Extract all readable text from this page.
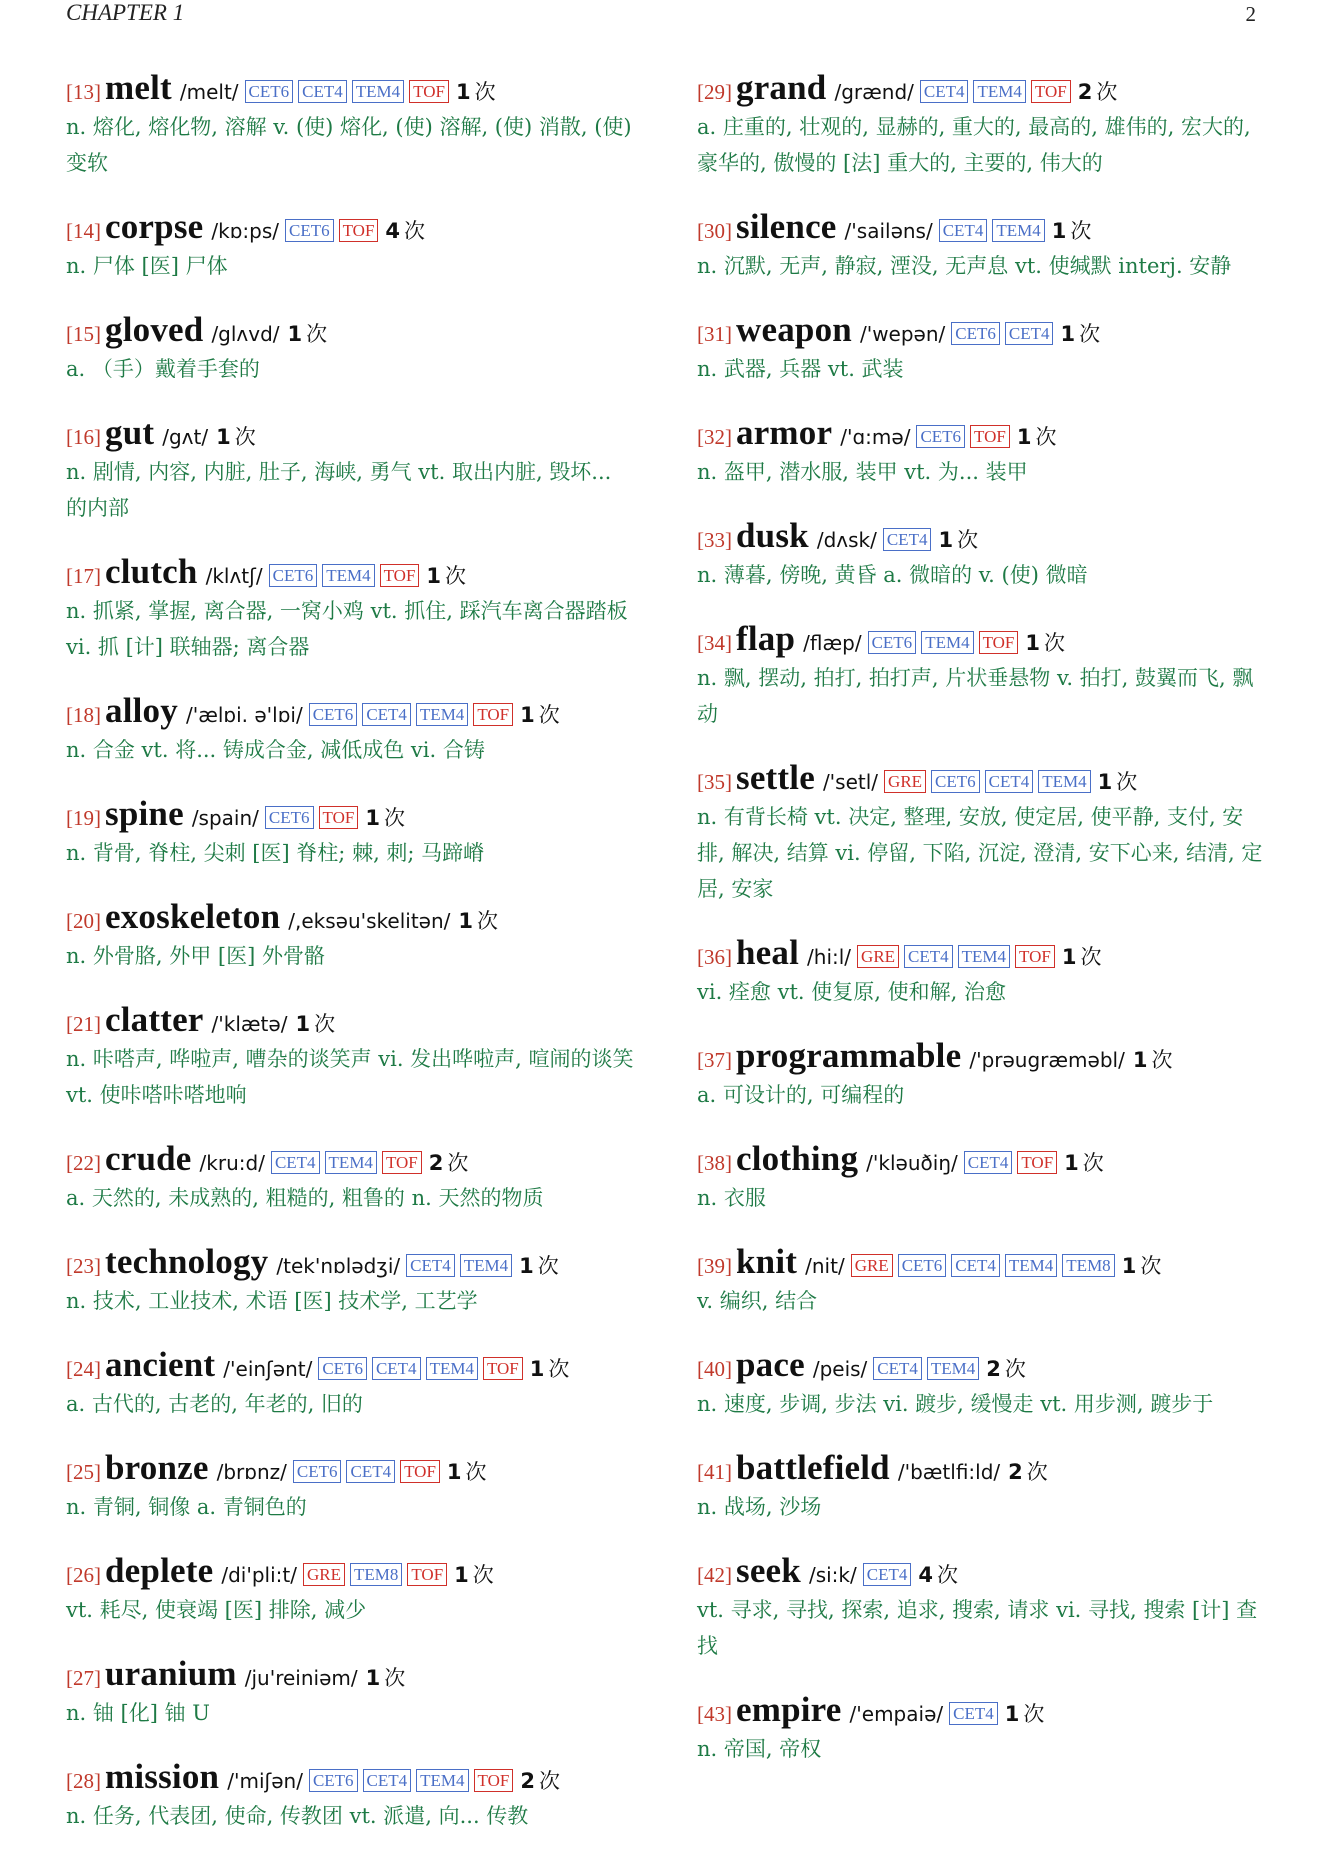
CHAPTER 1	2
[13] melt /melt/ CET6 CET4 TEM4 TOF 1 次
n. 熔化, 熔化物, 溶解 v. (使) 熔化, (使) 溶解, (使) 消散, (使) 变软
[14] corpse /kɒ:ps/ CET6 TOF 4 次
n. 尸体 [医] 尸体
[15] gloved /glʌvd/ 1 次
a. （手）戴着手套的
[16] gut /gʌt/ 1 次
n. 剧情, 内容, 内脏, 肚子, 海峡, 勇气 vt. 取出内脏, 毁坏... 的内部
[17] clutch /klʌtʃ/ CET6 TEM4 TOF 1 次
n. 抓紧, 掌握, 离合器, 一窝小鸡 vt. 抓住, 踩汽车离合器踏板 vi. 抓 [计] 联轴器; 离合器
[18] alloy /'ælɒi. ə'lɒi/ CET6 CET4 TEM4 TOF 1 次
n. 合金 vt. 将... 铸成合金, 减低成色 vi. 合铸
[19] spine /spain/ CET6 TOF 1 次
n. 背骨, 脊柱, 尖刺 [医] 脊柱; 棘, 刺; 马蹄嵴
[20] exoskeleton /,eksəu'skelitən/ 1 次
n. 外骨胳, 外甲 [医] 外骨骼
[21] clatter /'klætə/ 1 次
n. 咔嗒声, 哗啦声, 嘈杂的谈笑声 vi. 发出哗啦声, 喧闹的谈笑 vt. 使咔嗒咔嗒地响
[22] crude /kru:d/ CET4 TEM4 TOF 2 次
a. 天然的, 未成熟的, 粗糙的, 粗鲁的 n. 天然的物质
[23] technology /tek'nɒlədʒi/ CET4 TEM4 1 次
n. 技术, 工业技术, 术语 [医] 技术学, 工艺学
[24] ancient /'einʃənt/ CET6 CET4 TEM4 TOF 1 次
a. 古代的, 古老的, 年老的, 旧的
[25] bronze /brɒnz/ CET6 CET4 TOF 1 次
n. 青铜, 铜像 a. 青铜色的
[26] deplete /di'pli:t/ GRE TEM8 TOF 1 次
vt. 耗尽, 使衰竭 [医] 排除, 减少
[27] uranium /ju'reiniəm/ 1 次
n. 铀 [化] 铀 U
[28] mission /'miʃən/ CET6 CET4 TEM4 TOF 2 次
n. 任务, 代表团, 使命, 传教团 vt. 派遣, 向... 传教
[29] grand /grænd/ CET4 TEM4 TOF 2 次
a. 庄重的, 壮观的, 显赫的, 重大的, 最高的, 雄伟的, 宏大的, 豪华的, 傲慢的 [法] 重大的, 主要的, 伟大的
[30] silence /'sailəns/ CET4 TEM4 1 次
n. 沉默, 无声, 静寂, 湮没, 无声息 vt. 使缄默 interj. 安静
[31] weapon /'wepən/ CET6 CET4 1 次
n. 武器, 兵器 vt. 武装
[32] armor /'ɑ:mə/ CET6 TOF 1 次
n. 盔甲, 潜水服, 装甲 vt. 为... 装甲
[33] dusk /dʌsk/ CET4 1 次
n. 薄暮, 傍晚, 黄昏 a. 微暗的 v. (使) 微暗
[34] flap /flæp/ CET6 TEM4 TOF 1 次
n. 飘, 摆动, 拍打, 拍打声, 片状垂悬物 v. 拍打, 鼓翼而飞, 飘动
[35] settle /'setl/ GRE CET6 CET4 TEM4 1 次
n. 有背长椅 vt. 决定, 整理, 安放, 使定居, 使平静, 支付, 安排, 解决, 结算 vi. 停留, 下陷, 沉淀, 澄清, 安下心来, 结清, 定居, 安家
[36] heal /hi:l/ GRE CET4 TEM4 TOF 1 次
vi. 痊愈 vt. 使复原, 使和解, 治愈
[37] programmable /'prəugræməbl/ 1 次
a. 可设计的, 可编程的
[38] clothing /'kləuðiŋ/ CET4 TOF 1 次
n. 衣服
[39] knit /nit/ GRE CET6 CET4 TEM4 TEM8 1 次
v. 编织, 结合
[40] pace /peis/ CET4 TEM4 2 次
n. 速度, 步调, 步法 vi. 踱步, 缓慢走 vt. 用步测, 踱步于
[41] battlefield /'bætlfi:ld/ 2 次
n. 战场, 沙场
[42] seek /si:k/ CET4 4 次
vt. 寻求, 寻找, 探索, 追求, 搜索, 请求 vi. 寻找, 搜索 [计] 查找
[43] empire /'empaiə/ CET4 1 次
n. 帝国, 帝权
